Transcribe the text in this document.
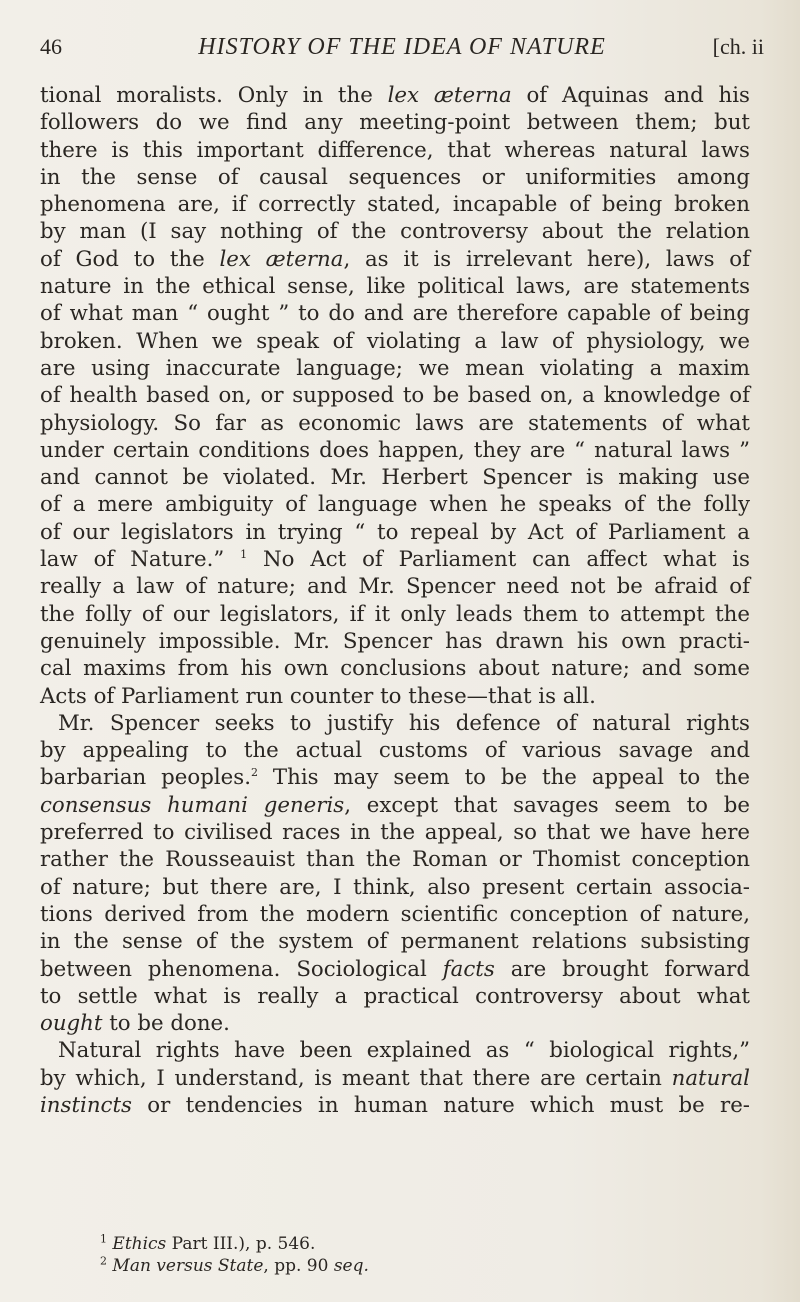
46	HISTORY OF THE IDEA OF NATURE	[ch. ii
tional moralists. Only in the lex æterna of Aquinas and his
followers do we find any meeting-point between them; but
there is this important difference, that whereas natural laws
in the sense of causal sequences or uniformities among
phenomena are, if correctly stated, incapable of being broken
by man (I say nothing of the controversy about the relation
of God to the lex æterna, as it is irrelevant here), laws of
nature in the ethical sense, like political laws, are statements
of what man “ ought ” to do and are therefore capable of being
broken. When we speak of violating a law of physiology, we
are using inaccurate language; we mean violating a maxim
of health based on, or supposed to be based on, a knowledge of
physiology. So far as economic laws are statements of what
under certain conditions does happen, they are “ natural laws ”
and cannot be violated. Mr. Herbert Spencer is making use
of a mere ambiguity of language when he speaks of the folly
of our legislators in trying “ to repeal by Act of Parliament a
law of Nature.” $^1$ No Act of Parliament can affect what is
really a law of nature; and Mr. Spencer need not be afraid of
the folly of our legislators, if it only leads them to attempt the
genuinely impossible. Mr. Spencer has drawn his own practi-
cal maxims from his own conclusions about nature; and some
Acts of Parliament run counter to these—that is all.
Mr. Spencer seeks to justify his defence of natural rights
by appealing to the actual customs of various savage and
barbarian peoples.$^2$ This may seem to be the appeal to the
consensus humani generis, except that savages seem to be
preferred to civilised races in the appeal, so that we have here
rather the Rousseauist than the Roman or Thomist conception
of nature; but there are, I think, also present certain associa-
tions derived from the modern scientific conception of nature,
in the sense of the system of permanent relations subsisting
between phenomena. Sociological facts are brought forward
to settle what is really a practical controversy about what
ought to be done.
Natural rights have been explained as “ biological rights,”
by which, I understand, is meant that there are certain natural
instincts or tendencies in human nature which must be re-
$^1$ Ethics Part III.), p. 546.
$^2$ Man versus State, pp. 90 seq.
